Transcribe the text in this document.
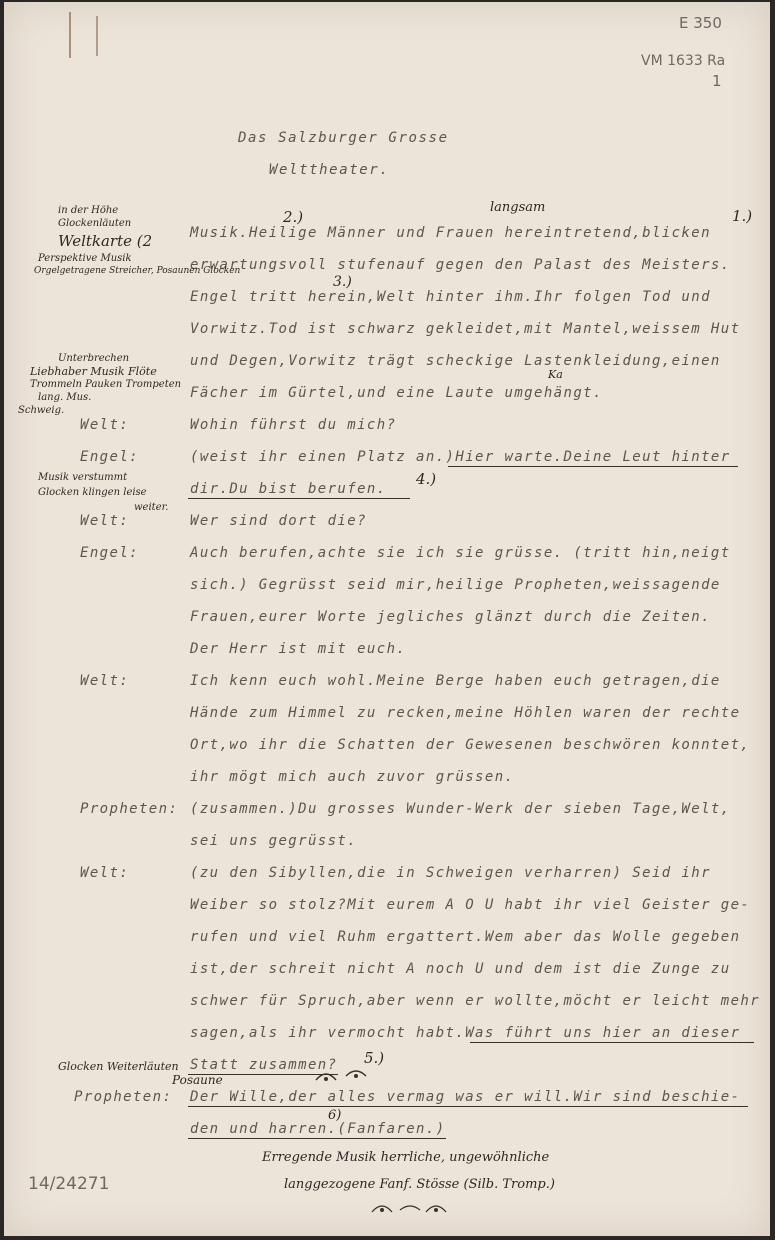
E 350
VM 1633 Ra
1
14/24271
Das Salzburger Grosse
Welttheater.
langsam	1.)
2.)
3.)
Ka
Musik.Heilige Männer und Frauen hereintretend,blicken
erwartungsvoll stufenauf gegen den Palast des Meisters.
Engel tritt herein,Welt hinter ihm.Ihr folgen Tod und
Vorwitz.Tod ist schwarz gekleidet,mit Mantel,weissem Hut
und Degen,Vorwitz trägt scheckige Lastenkleidung,einen
Fächer im Gürtel,und eine Laute umgehängt.
in der Höhe
Glockenläuten
Weltkarte (2
Perspektive Musik
Orgelgetragene Streicher, Posaunen Glocken
Unterbrechen
Liebhaber Musik Flöte
Trommeln Pauken Trompeten
lang. Mus.
Schweig.
Musik verstummt
Glocken klingen leise
weiter.
Welt:	Wohin führst du mich?
Engel:	(weist ihr einen Platz an.)Hier warte.Deine Leut hinter
dir.Du bist berufen.
4.)
Welt:	Wer sind dort die?
Engel:	Auch berufen,achte sie ich sie grüsse. (tritt hin,neigt
sich.) Gegrüsst seid mir,heilige Propheten,weissagende
Frauen,eurer Worte jegliches glänzt durch die Zeiten.
Der Herr ist mit euch.
Welt:	Ich kenn euch wohl.Meine Berge haben euch getragen,die
Hände zum Himmel zu recken,meine Höhlen waren der rechte
Ort,wo ihr die Schatten der Gewesenen beschwören konntet,
ihr mögt mich auch zuvor grüssen.
Propheten: (zusammen.)Du grosses Wunder-Werk der sieben Tage,Welt,
sei uns gegrüsst.
Welt:	(zu den Sibyllen,die in Schweigen verharren) Seid ihr
Weiber so stolz?Mit eurem A O U habt ihr viel Geister ge-
rufen und viel Ruhm ergattert.Wem aber das Wolle gegeben
ist,der schreit nicht A noch U und dem ist die Zunge zu
schwer für Spruch,aber wenn er wollte,möcht er leicht mehr
sagen,als ihr vermocht habt.Was führt uns hier an dieser
Statt zusammen? 5.)
Glocken Weiterläuten
Posaune
Propheten: Der Wille,der alles vermag was er will.Wir sind beschie-
den und harren.(Fanfaren.)
6)
Erregende Musik herrliche, ungewöhnliche
langgezogene Fanf. Stösse (Silb. Tromp.)
